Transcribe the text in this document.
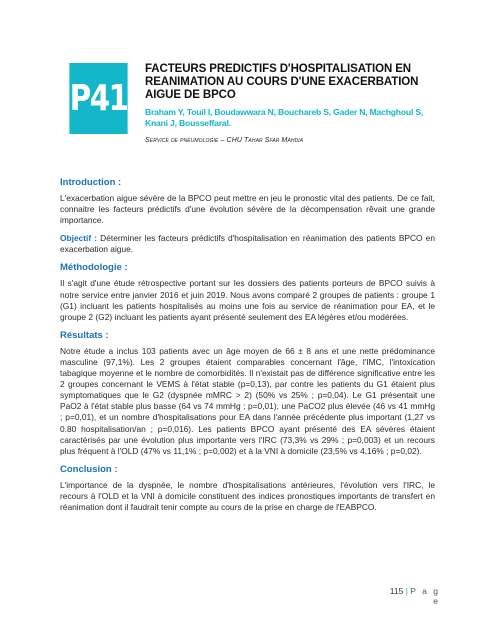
P41
FACTEURS PREDICTIFS D'HOSPITALISATION EN REANIMATION AU COURS D'UNE EXACERBATION AIGUE DE BPCO
Braham Y, Touil I, Boudawwara N, Bouchareb S, Gader N, Machghoul S, Knani J, Bousseffaral.
Service de pneumologie – CHU Tahar Sfar Mahdia
Introduction :

L'exacerbation aigue sévère de la BPCO peut mettre en jeu le pronostic vital des patients. De ce fait, connaitre les facteurs prédictifs d'une évolution sévère de la décompensation rêvait une grande importance.

Objectif : Déterminer les facteurs prédictifs d'hospitalisation en réanimation des patients BPCO en exacerbation aigue.

Méthodologie :

Il s'agit d'une étude rétrospective portant sur les dossiers des patients porteurs de BPCO suivis à notre service entre janvier 2016 et juin 2019. Nous avons comparé 2 groupes de patients : groupe 1 (G1) incluant les patients hospitalisés au moins une fois au service de réanimation pour EA, et le groupe 2 (G2) incluant les patients ayant présenté seulement des EA légères et/ou modérées.

Résultats :

Notre étude a inclus 103 patients avec un âge moyen de 66 ± 8 ans et une nette prédominance masculine (97,1%). Les 2 groupes étaient comparables concernant l'âge, l'IMC, l'intoxication tabagique moyenne et le nombre de comorbidités. Il n'existait pas de différence significative entre les 2 groupes concernant le VEMS à l'état stable (p=0,13), par contre les patients du G1 étaient plus symptomatiques que le G2 (dyspnée mMRC > 2) (50% vs 25% ; p=0,04). Le G1 présentait une PaO2 à l'état stable plus basse (64 vs 74 mmHg ; p=0,01), une PaCO2 plus élevée (46 vs 41 mmHg ; p=0,01), et un nombre d'hospitalisations pour EA dans l'année précédente plus important (1,27 vs 0.80 hospitalisation/an ; p=0,016). Les patients BPCO ayant présenté des EA sévères étaient caractérisés par une évolution plus importante vers l'IRC (73,3% vs 29% ; p=0,003) et un recours plus fréquent à l'OLD (47% vs 11,1% ; p=0,002) et à la VNI à domicile (23,5% vs 4,16% ; p=0,02).

Conclusion :

L'importance de la dyspnée, le nombre d'hospitalisations antérieures, l'évolution vers l'IRC, le recours à l'OLD et la VNI à domicile constituent des indices pronostiques importants de transfert en réanimation dont il faudrait tenir compte au cours de la prise en charge de l'EABPCO.

115 | P a g e
